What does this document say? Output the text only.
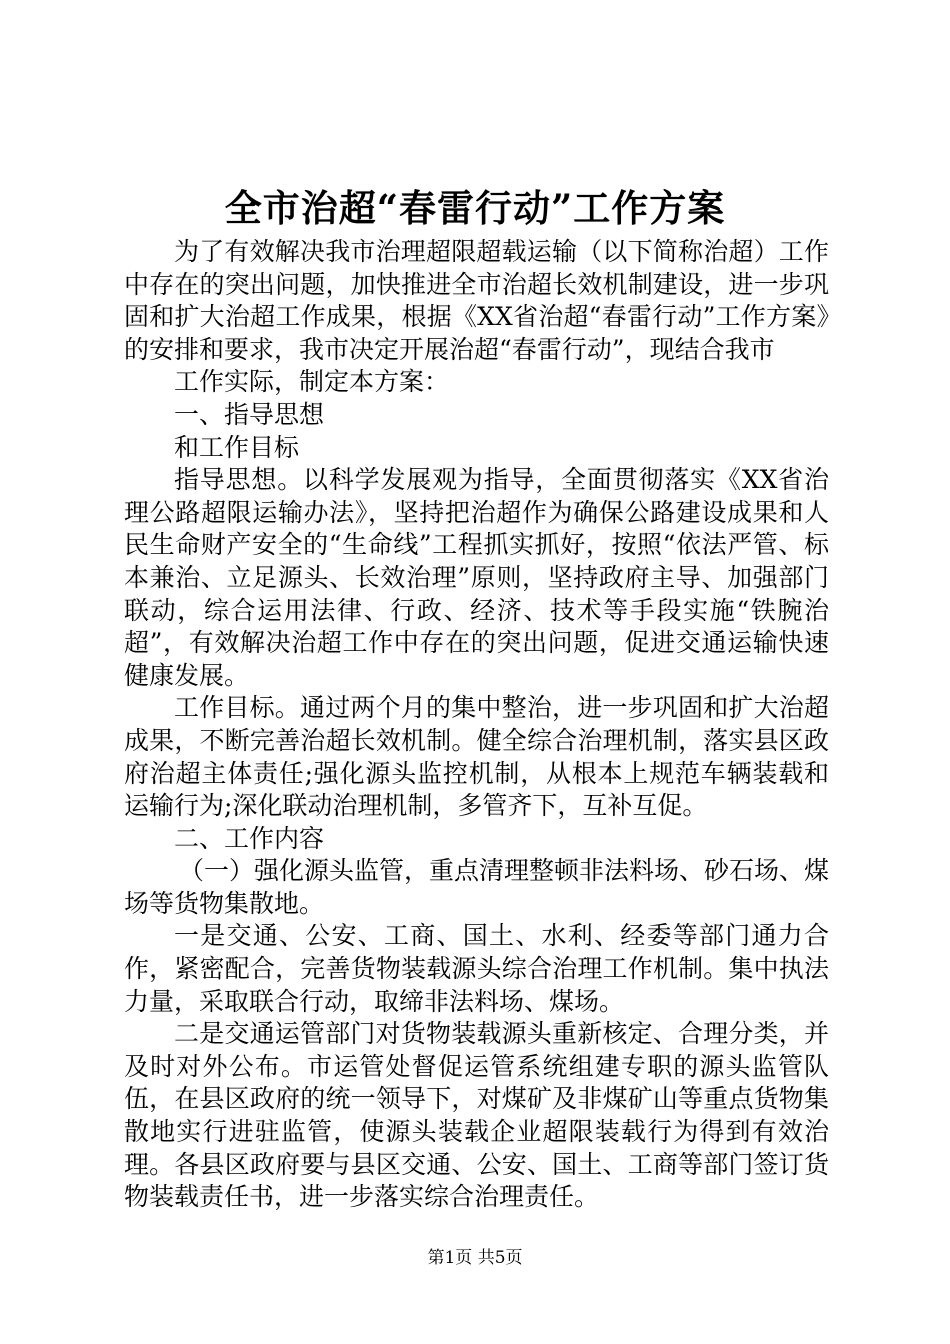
全市治超“春雷行动”工作方案

为了有效解决我市治理超限超载运输（以下简称治超）工作中存在的突出问题，加快推进全市治超长效机制建设，进一步巩固和扩大治超工作成果，根据《XX省治超“春雷行动”工作方案》的安排和要求，我市决定开展治超“春雷行动”，现结合我市

工作实际，制定本方案：

一、指导思想

和工作目标

指导思想。以科学发展观为指导，全面贯彻落实《XX省治理公路超限运输办法》，坚持把治超作为确保公路建设成果和人民生命财产安全的“生命线”工程抓实抓好，按照“依法严管、标本兼治、立足源头、长效治理”原则，坚持政府主导、加强部门联动，综合运用法律、行政、经济、技术等手段实施“铁腕治超”，有效解决治超工作中存在的突出问题，促进交通运输快速健康发展。

工作目标。通过两个月的集中整治，进一步巩固和扩大治超成果，不断完善治超长效机制。健全综合治理机制，落实县区政府治超主体责任;强化源头监控机制，从根本上规范车辆装载和运输行为;深化联动治理机制，多管齐下，互补互促。

二、工作内容

（一）强化源头监管，重点清理整顿非法料场、砂石场、煤场等货物集散地。

一是交通、公安、工商、国土、水利、经委等部门通力合作，紧密配合，完善货物装载源头综合治理工作机制。集中执法力量，采取联合行动，取缔非法料场、煤场。

二是交通运管部门对货物装载源头重新核定、合理分类，并及时对外公布。市运管处督促运管系统组建专职的源头监管队伍，在县区政府的统一领导下，对煤矿及非煤矿山等重点货物集散地实行进驻监管，使源头装载企业超限装载行为得到有效治理。各县区政府要与县区交通、公安、国土、工商等部门签订货物装载责任书，进一步落实综合治理责任。

第1页 共5页
